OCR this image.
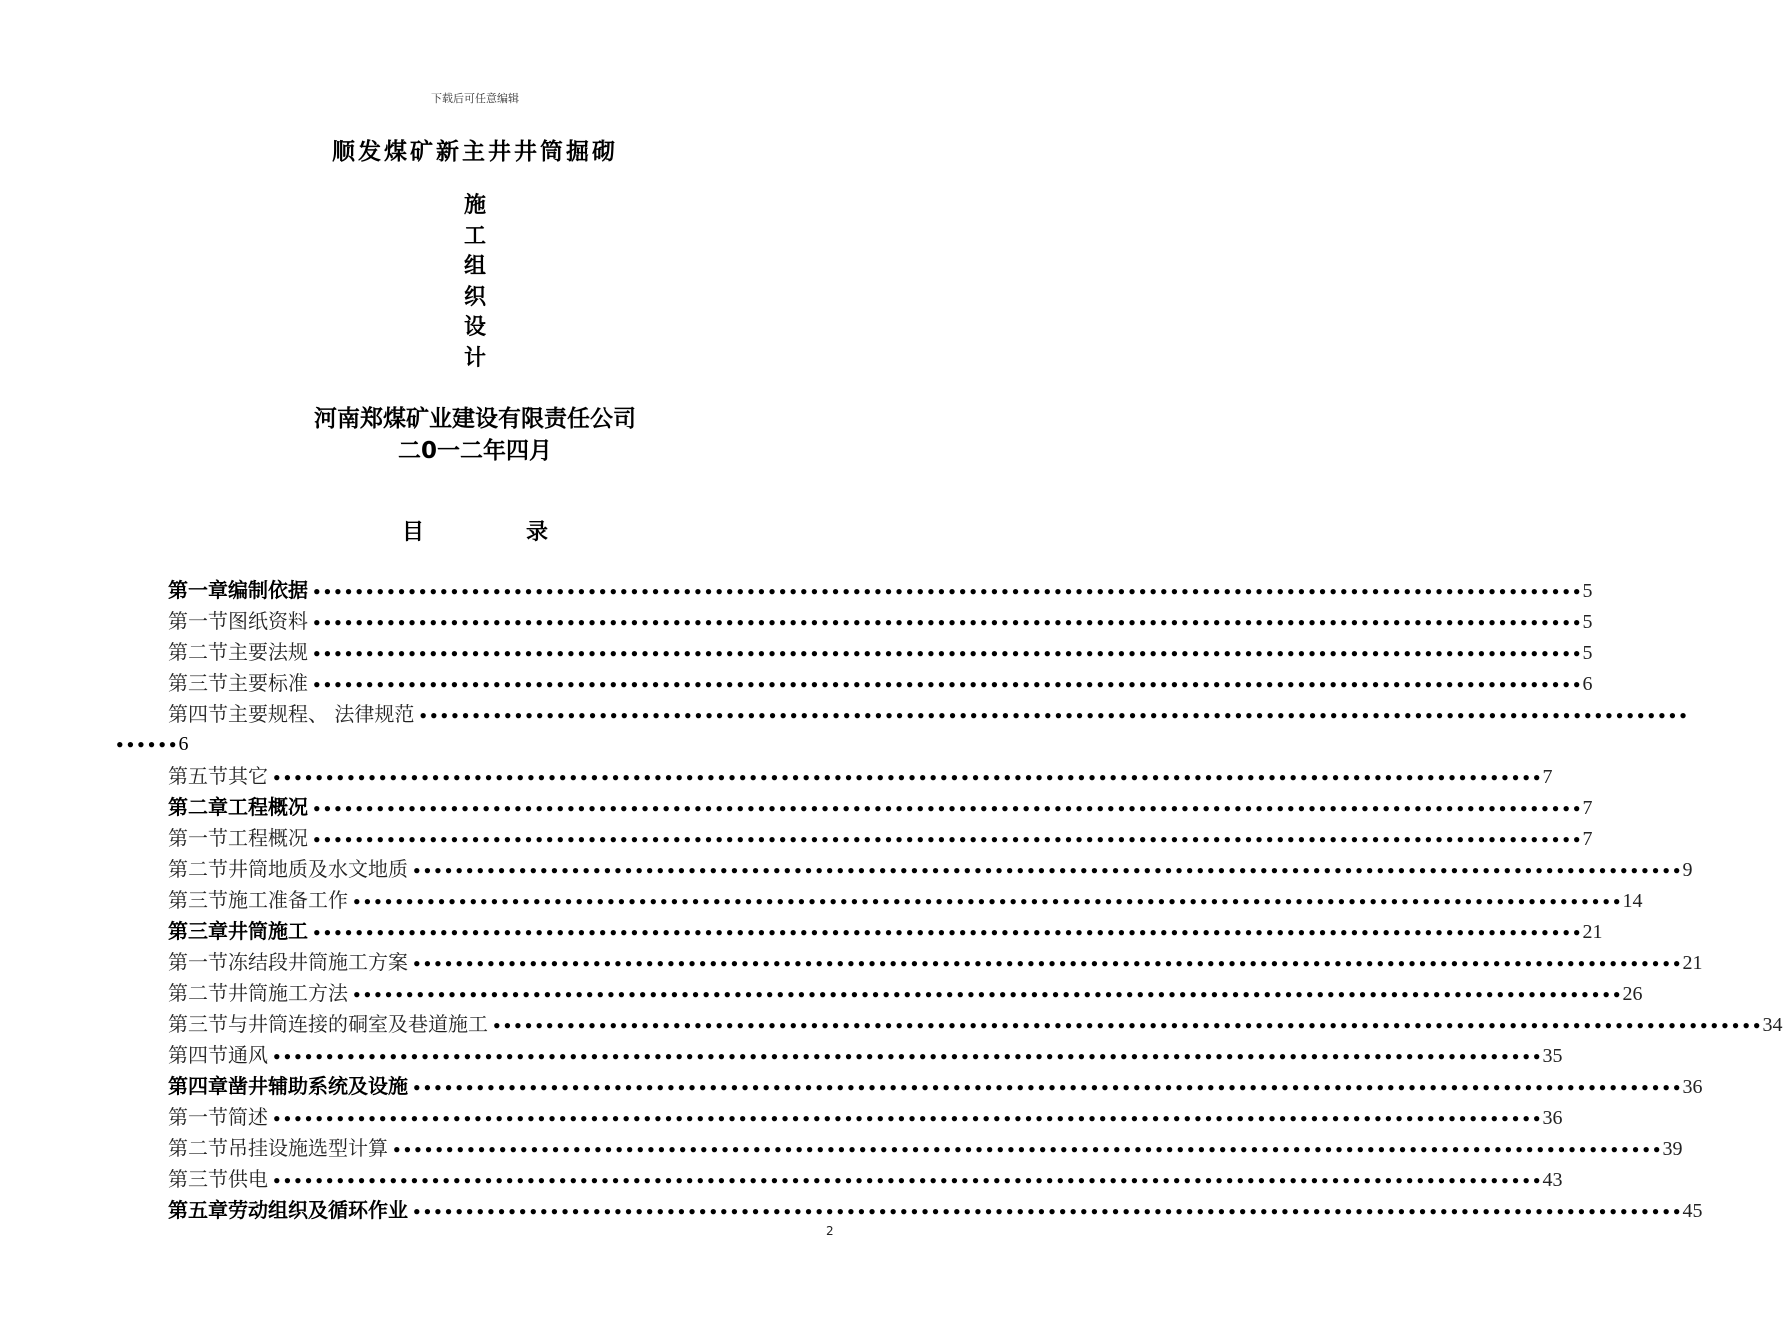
下载后可任意编辑
顺发煤矿新主井井筒掘砌
施
工
组
织
设
计
河南郑煤矿业建设有限责任公司
二0一二年四月
目	录
第一章 编制依据 •••••••••••••••••••••••••••••••••••••••••••••••••••••••••••••••••••••••••••••••••••••••••••••••••••••••••••••••••••••••• 5
第一节 图纸资料 •••••••••••••••••••••••••••••••••••••••••••••••••••••••••••••••••••••••••••••••••••••••••••••••••••••••••••••••••••••••• 5
第二节 主要法规 •••••••••••••••••••••••••••••••••••••••••••••••••••••••••••••••••••••••••••••••••••••••••••••••••••••••••••••••••••••••• 5
第三节 主要标准 •••••••••••••••••••••••••••••••••••••••••••••••••••••••••••••••••••••••••••••••••••••••••••••••••••••••••••••••••••••••• 6
第四节 主要规程、 法律规范 ••••••••••••••••••••••••••••••••••••••••••••••••••••••••••••••••••••••••••••••••••••••••••••••••••••••••••••••••••••••••
第五节 其它 •••••••••••••••••••••••••••••••••••••••••••••••••••••••••••••••••••••••••••••••••••••••••••••••••••••••••••••••••••••••• 7
第二章 工程概况 •••••••••••••••••••••••••••••••••••••••••••••••••••••••••••••••••••••••••••••••••••••••••••••••••••••••••••••••••••••••• 7
第一节 工程概况 •••••••••••••••••••••••••••••••••••••••••••••••••••••••••••••••••••••••••••••••••••••••••••••••••••••••••••••••••••••••• 7
第二节 井筒地质及水文地质 •••••••••••••••••••••••••••••••••••••••••••••••••••••••••••••••••••••••••••••••••••••••••••••••••••••••••••••••••••••••• 9
第三节 施工准备工作 •••••••••••••••••••••••••••••••••••••••••••••••••••••••••••••••••••••••••••••••••••••••••••••••••••••••••••••••••••••••• 14
第三章 井筒施工 •••••••••••••••••••••••••••••••••••••••••••••••••••••••••••••••••••••••••••••••••••••••••••••••••••••••••••••••••••••••• 21
第一节 冻结段井筒施工方案 •••••••••••••••••••••••••••••••••••••••••••••••••••••••••••••••••••••••••••••••••••••••••••••••••••••••••••••••••••••••• 21
第二节 井筒施工方法 •••••••••••••••••••••••••••••••••••••••••••••••••••••••••••••••••••••••••••••••••••••••••••••••••••••••••••••••••••••••• 26
第三节 与井筒连接的硐室及巷道施工 •••••••••••••••••••••••••••••••••••••••••••••••••••••••••••••••••••••••••••••••••••••••••••••••••••••••••••••••••••••••• 34
第四节 通风 •••••••••••••••••••••••••••••••••••••••••••••••••••••••••••••••••••••••••••••••••••••••••••••••••••••••••••••••••••••••• 35
第四章 凿井辅助系统及设施 •••••••••••••••••••••••••••••••••••••••••••••••••••••••••••••••••••••••••••••••••••••••••••••••••••••••••••••••••••••••• 36
第一节 简述 •••••••••••••••••••••••••••••••••••••••••••••••••••••••••••••••••••••••••••••••••••••••••••••••••••••••••••••••••••••••• 36
第二节 吊挂设施选型计算 •••••••••••••••••••••••••••••••••••••••••••••••••••••••••••••••••••••••••••••••••••••••••••••••••••••••••••••••••••••••• 39
第三节 供电 •••••••••••••••••••••••••••••••••••••••••••••••••••••••••••••••••••••••••••••••••••••••••••••••••••••••••••••••••••••••• 43
第五章 劳动组织及循环作业 •••••••••••••••••••••••••••••••••••••••••••••••••••••••••••••••••••••••••••••••••••••••••••••••••••••••••••••••••••••••• 45
••••••6
2
